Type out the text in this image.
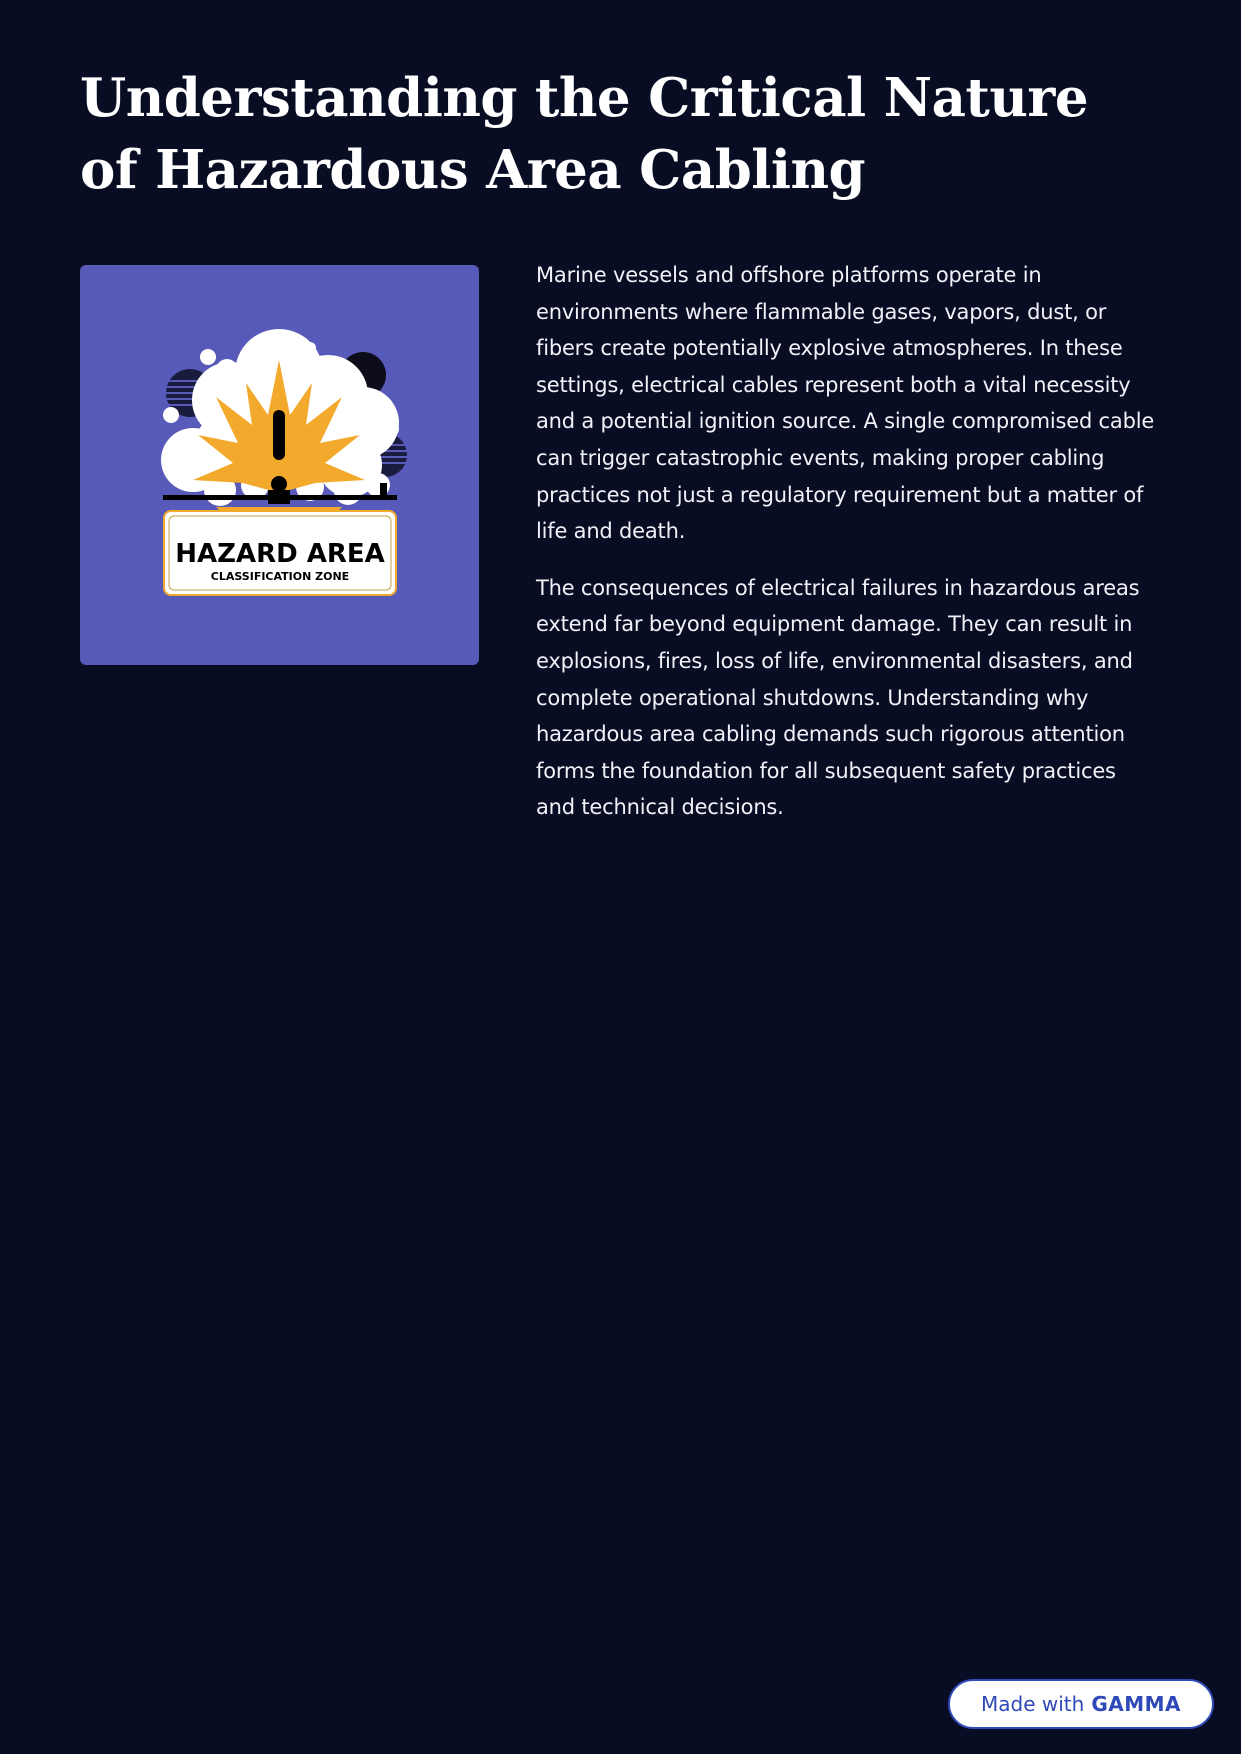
Understanding the Critical Nature of Hazardous Area Cabling
HAZARD AREA
CLASSIFICATION ZONE

Marine vessels and offshore platforms operate in environments where flammable gases, vapors, dust, or fibers create potentially explosive atmospheres. In these settings, electrical cables represent both a vital necessity and a potential ignition source. A single compromised cable can trigger catastrophic events, making proper cabling practices not just a regulatory requirement but a matter of life and death.

The consequences of electrical failures in hazardous areas extend far beyond equipment damage. They can result in explosions, fires, loss of life, environmental disasters, and complete operational shutdowns. Understanding why hazardous area cabling demands such rigorous attention forms the foundation for all subsequent safety practices and technical decisions.

Made with GAMMA
